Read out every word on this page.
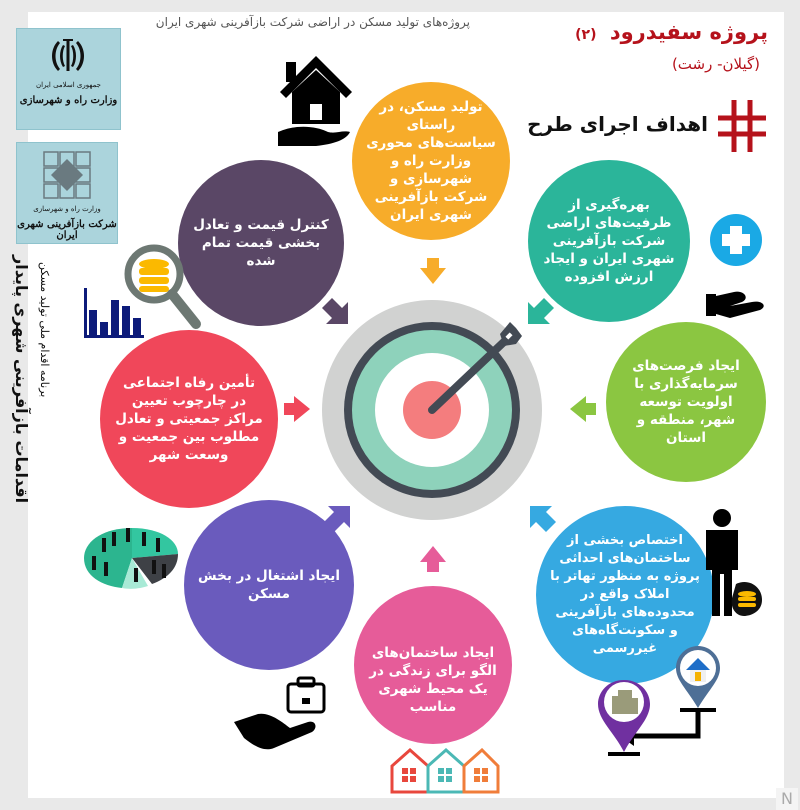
پروژه‌های تولید مسکن در اراضی شرکت بازآفرینی شهری ایران	پروژه سفیدرود (۲)
(گیلان- رشت)
اهداف اجرای طرح
جمهوری اسلامی ایران
وزارت راه و شهرسازی
وزارت راه و شهرسازی
شرکت بازآفرینی شهری ایران
اقدامات بازآفرینی شهری پایدار برنامه اقدام ملی تولید مسکن
تولید مسکن، در راستای سیاست‌های محوری وزارت راه و شهرسازی و شرکت بازآفرینی شهری ایران
بهره‌گیری از ظرفیت‌های اراضی شرکت بازآفرینی شهری ایران و ایجاد ارزش افزوده
ایجاد فرصت‌های سرمایه‌گذاری با اولویت توسعه شهر، منطقه و استان
اختصاص بخشی از ساختمان‌های احداثی پروژه به منظور تهاتر با املاک واقع در محدوده‌های بازآفرینی و سکونت‌گاه‌های غیررسمی
ایجاد ساختمان‌های الگو برای زندگی در یک محیط شهری مناسب
ایجاد اشتغال در بخش مسکن
تأمین رفاه اجتماعی در چارچوب تعیین مراکز جمعیتی و تعادل مطلوب بین جمعیت و وسعت شهر
کنترل قیمت و تعادل بخشی قیمت تمام شده
N
